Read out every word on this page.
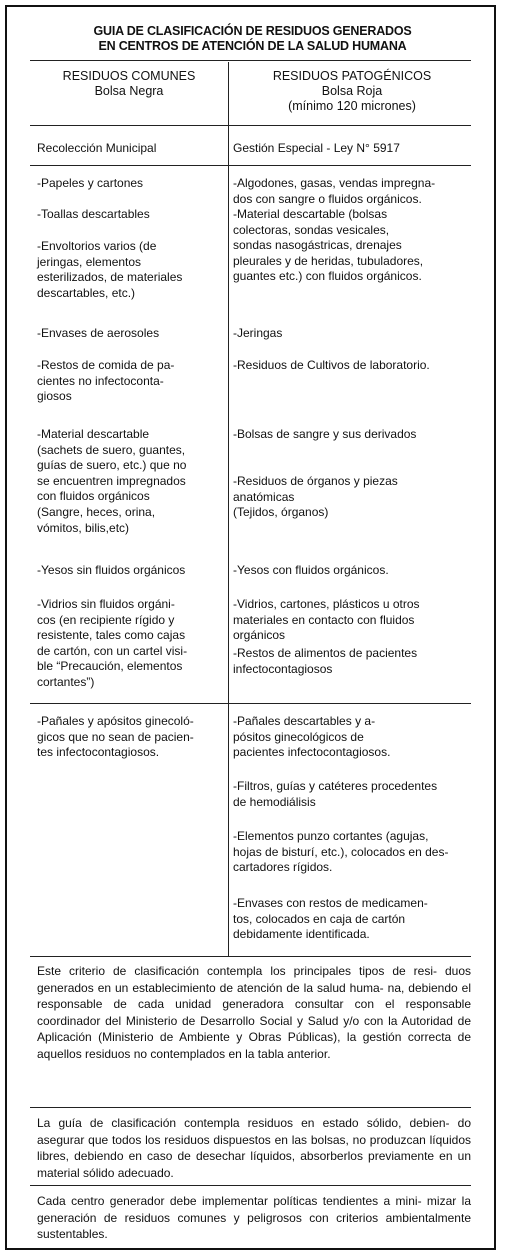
GUIA DE CLASIFICACIÓN DE RESIDUOS GENERADOS
EN CENTROS DE ATENCIÓN DE LA SALUD HUMANA
RESIDUOS COMUNES
Bolsa Negra
RESIDUOS PATOGÉNICOS
Bolsa Roja
(mínimo 120 micrones)
Recolección Municipal	Gestión Especial - Ley N° 5917
-Papeles y cartones
-Toallas descartables
-Envoltorios varios (de
jeringas, elementos
esterilizados, de materiales
descartables, etc.)
-Envases de aerosoles
-Restos de comida de pa-
cientes no infectoconta-
giosos
-Material descartable
(sachets de suero, guantes,
guías de suero, etc.) que no
se encuentren impregnados
con fluidos orgánicos
(Sangre, heces, orina,
vómitos, bilis,etc)
-Yesos sin fluidos orgánicos
-Vidrios sin fluidos orgáni-
cos (en recipiente rígido y
resistente, tales como cajas
de cartón, con un cartel visi-
ble “Precaución, elementos
cortantes”)
-Pañales y apósitos ginecoló-
gicos que no sean de pacien-
tes infectocontagiosos.
-Algodones, gasas, vendas impregna-
dos con sangre o fluidos orgánicos.
-Material descartable (bolsas
colectoras, sondas vesicales,
sondas nasogástricas, drenajes
pleurales y de heridas, tubuladores,
guantes etc.) con fluidos orgánicos.
-Jeringas
-Residuos de Cultivos de laboratorio.
-Bolsas de sangre y sus derivados
-Residuos de órganos y piezas
anatómicas
(Tejidos, órganos)
-Yesos con fluidos orgánicos.
-Vidrios, cartones, plásticos u otros
materiales en contacto con fluidos
orgánicos
-Restos de alimentos de pacientes
infectocontagiosos
-Pañales descartables y a-
pósitos ginecológicos de
pacientes infectocontagiosos.
-Filtros, guías y catéteres procedentes
de hemodiálisis
-Elementos punzo cortantes (agujas,
hojas de bisturí, etc.), colocados en des-
cartadores rígidos.
-Envases con restos de medicamen-
tos, colocados en caja de cartón
debidamente identificada.
Este criterio de clasificación contempla los principales tipos de resi- duos generados en un establecimiento de atención de la salud huma- na, debiendo el responsable de cada unidad generadora consultar con el responsable coordinador del Ministerio de Desarrollo Social y Salud y/o con la Autoridad de Aplicación (Ministerio de Ambiente y Obras Públicas), la gestión correcta de aquellos residuos no contemplados en la tabla anterior.
La guía de clasificación contempla residuos en estado sólido, debien- do asegurar que todos los residuos dispuestos en las bolsas, no produzcan líquidos libres, debiendo en caso de desechar líquidos, absorberlos previamente en un material sólido adecuado.
Cada centro generador debe implementar políticas tendientes a mini- mizar la generación de residuos comunes y peligrosos con criterios ambientalmente sustentables.
